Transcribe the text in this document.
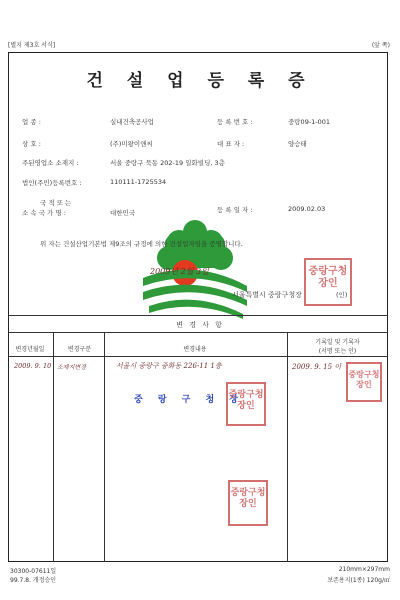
[별지 제3호 서식]	(앞 쪽)
건 설 업 등 록 증
업 종 :	실내건축공사업	등 록 번 호 :	중랑09-1-001
상 호 :	(주)미왕이앤씨	대 표 자 :	양승태
주된영업소 소재지 :	서울 중랑구 묵동 202-19 일화빌딩, 3층
법인(주민)등록번호 :	110111-1725534
국 적 또 는
소 속 국 가 명 :	대한민국	등 록 일 자 :	2009.02.03
위 자는 건설산업기본법 제9조의 규정에 의한 건설업자임을 증명합니다.
2009년 2월 3일
서울특별시 중랑구청장	(인)
중랑구청장인
변 경 사 항
변경년월일	변경구분	변경내용
기록일 및 기록자
(서명 또는 인)
2009. 9. 10 소재지변경	서울시 중랑구 중화동 226-11 1층	2009. 9. 15 이
중 랑 구 청 장
중랑구청장인
중랑구청장인
중랑구청장인
30300-07611일
99.7.8. 개정승인
210mm×297mm
보존용지(1종) 120g/㎡
